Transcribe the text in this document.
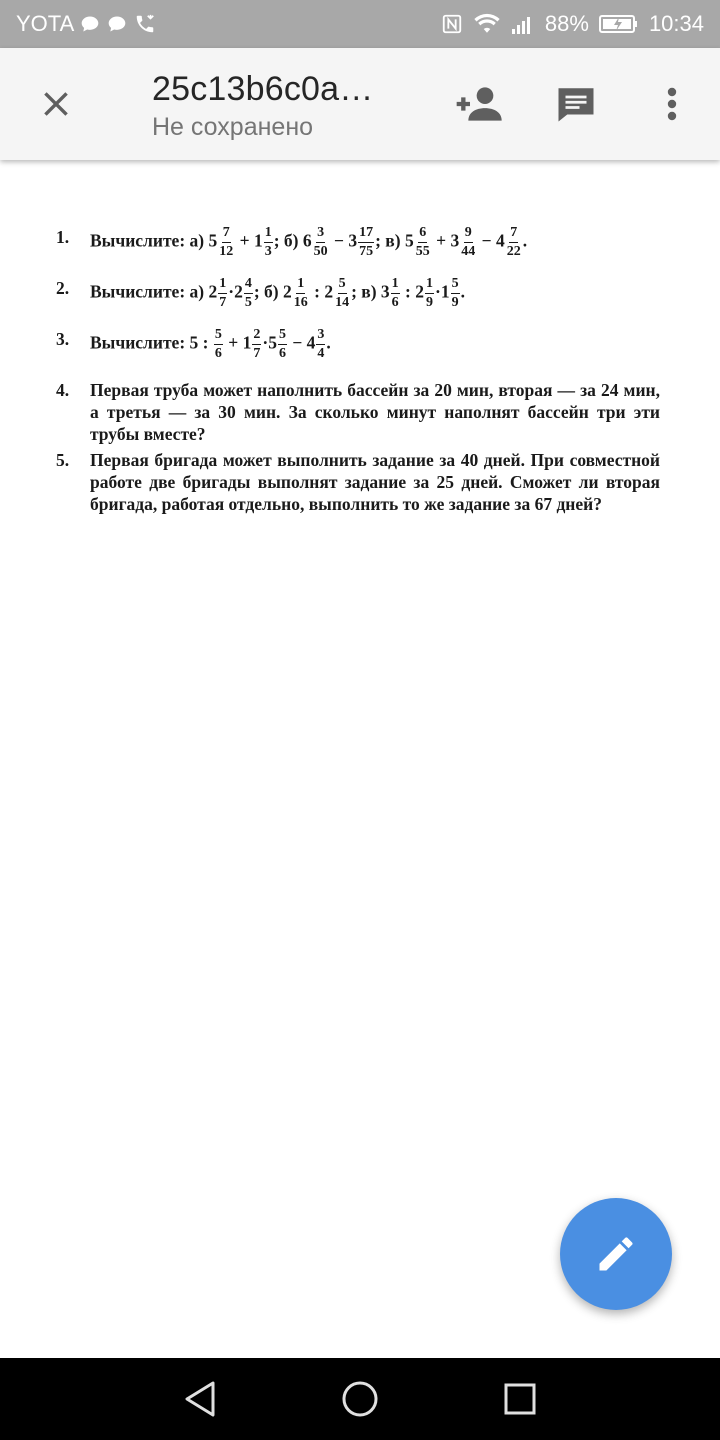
YOTA	88%	10:34
25c13b6c0a…
Не сохранено
1.	Вычислите: а) $5 \frac{7}{12} + 1 \frac{1}{3}$ ; б) $6 \frac{3}{50} - 3 \frac{17}{75}$ ; в) $5 \frac{6}{55} + 3 \frac{9}{44} - 4 \frac{7}{22}$ .
2.	Вычислите: а) $2 \frac{1}{7} \cdot 2 \frac{4}{5}$ ; б) $2 \frac{1}{16}$ : $2 \frac{5}{14}$ ; в) $3 \frac{1}{6}$ : $2 \frac{1}{9} \cdot 1 \frac{5}{9}$ .
3.	Вычислите: 5 : $\frac{5}{6} + 1 \frac{2}{7} \cdot 5 \frac{5}{6} - 4 \frac{3}{4}$ .
4.	Первая труба может наполнить бассейн за 20 мин, вторая — за 24 мин, а третья — за 30 мин. За сколько минут наполнят бассейн три эти трубы вместе?
5.	Первая бригада может выполнить задание за 40 дней. При совместной работе две бригады выполнят задание за 25 дней. Сможет ли вторая бригада, работая отдельно, выполнить то же задание за 67 дней?
